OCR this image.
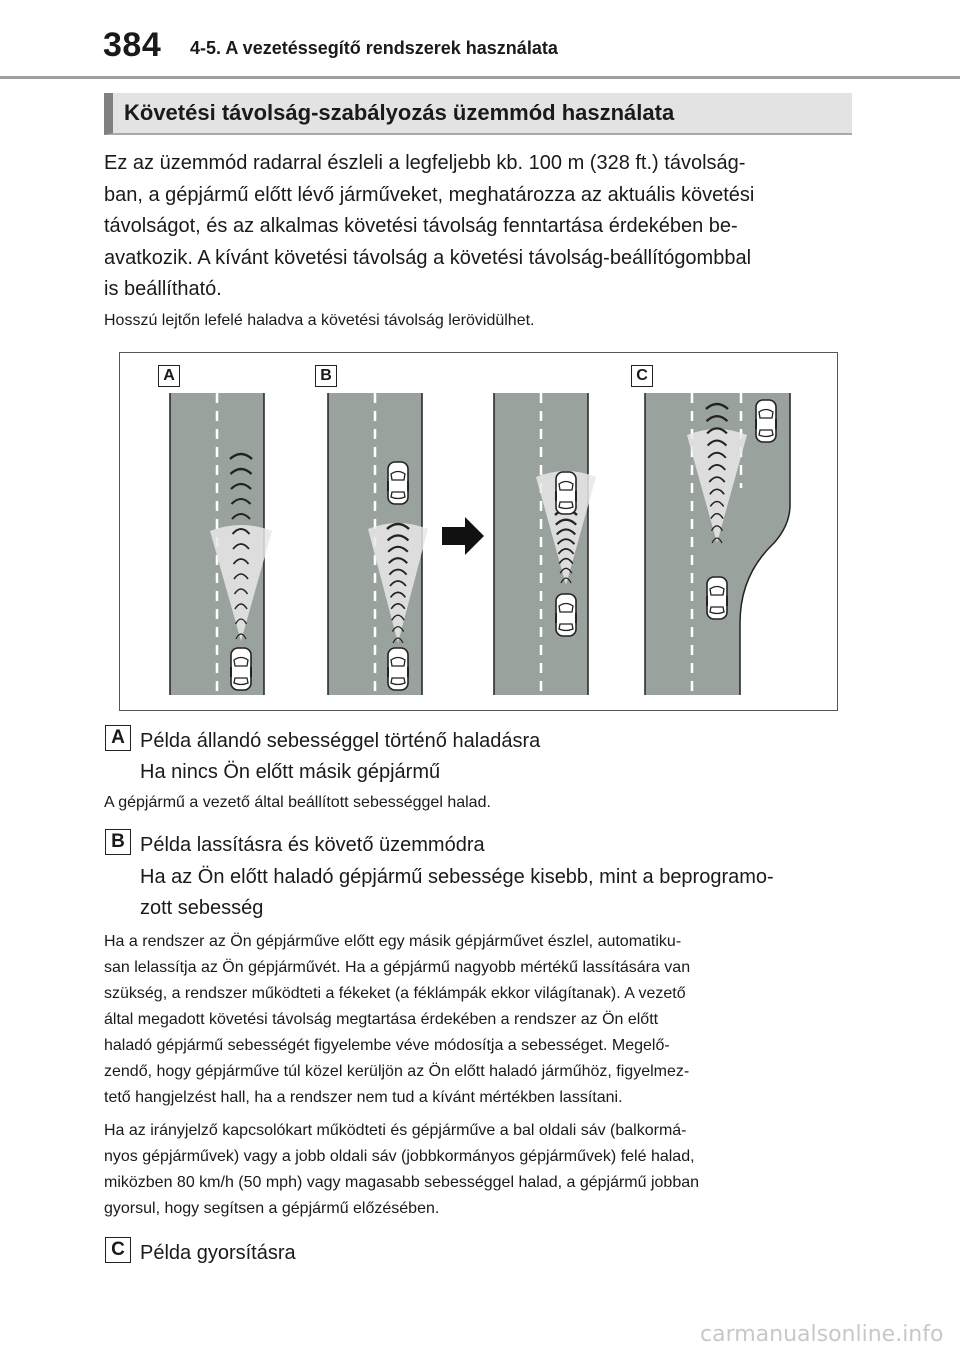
384 4-5. A vezetéssegítő rendszerek használata
Követési távolság-szabályozás üzemmód használata

Ez az üzemmód radarral észleli a legfeljebb kb. 100 m (328 ft.) távolság-
ban, a gépjármű előtt lévő járműveket, meghatározza az aktuális követési
távolságot, és az alkalmas követési távolság fenntartása érdekében be-
avatkozik. A kívánt követési távolság a követési távolság-beállítógombbal
is beállítható.

Hosszú lejtőn lefelé haladva a követési távolság lerövidülhet.

A	B	C
A Példa állandó sebességgel történő haladásra

Ha nincs Ön előtt másik gépjármű

A gépjármű a vezető által beállított sebességgel halad.

B Példa lassításra és követő üzemmódra

Ha az Ön előtt haladó gépjármű sebessége kisebb, mint a beprogramo-

zott sebesség

Ha a rendszer az Ön gépjárműve előtt egy másik gépjárművet észlel, automatiku-
san lelassítja az Ön gépjárművét. Ha a gépjármű nagyobb mértékű lassítására van
szükség, a rendszer működteti a fékeket (a féklámpák ekkor világítanak). A vezető
által megadott követési távolság megtartása érdekében a rendszer az Ön előtt
haladó gépjármű sebességét figyelembe véve módosítja a sebességet. Megelő-
zendő, hogy gépjárműve túl közel kerüljön az Ön előtt haladó járműhöz, figyelmez-
tető hangjelzést hall, ha a rendszer nem tud a kívánt mértékben lassítani.

Ha az irányjelző kapcsolókart működteti és gépjárműve a bal oldali sáv (balkormá-
nyos gépjárművek) vagy a jobb oldali sáv (jobbkormányos gépjárművek) felé halad,
miközben 80 km/h (50 mph) vagy magasabb sebességgel halad, a gépjármű jobban
gyorsul, hogy segítsen a gépjármű előzésében.

C Példa gyorsításra

carmanualsonline.info
